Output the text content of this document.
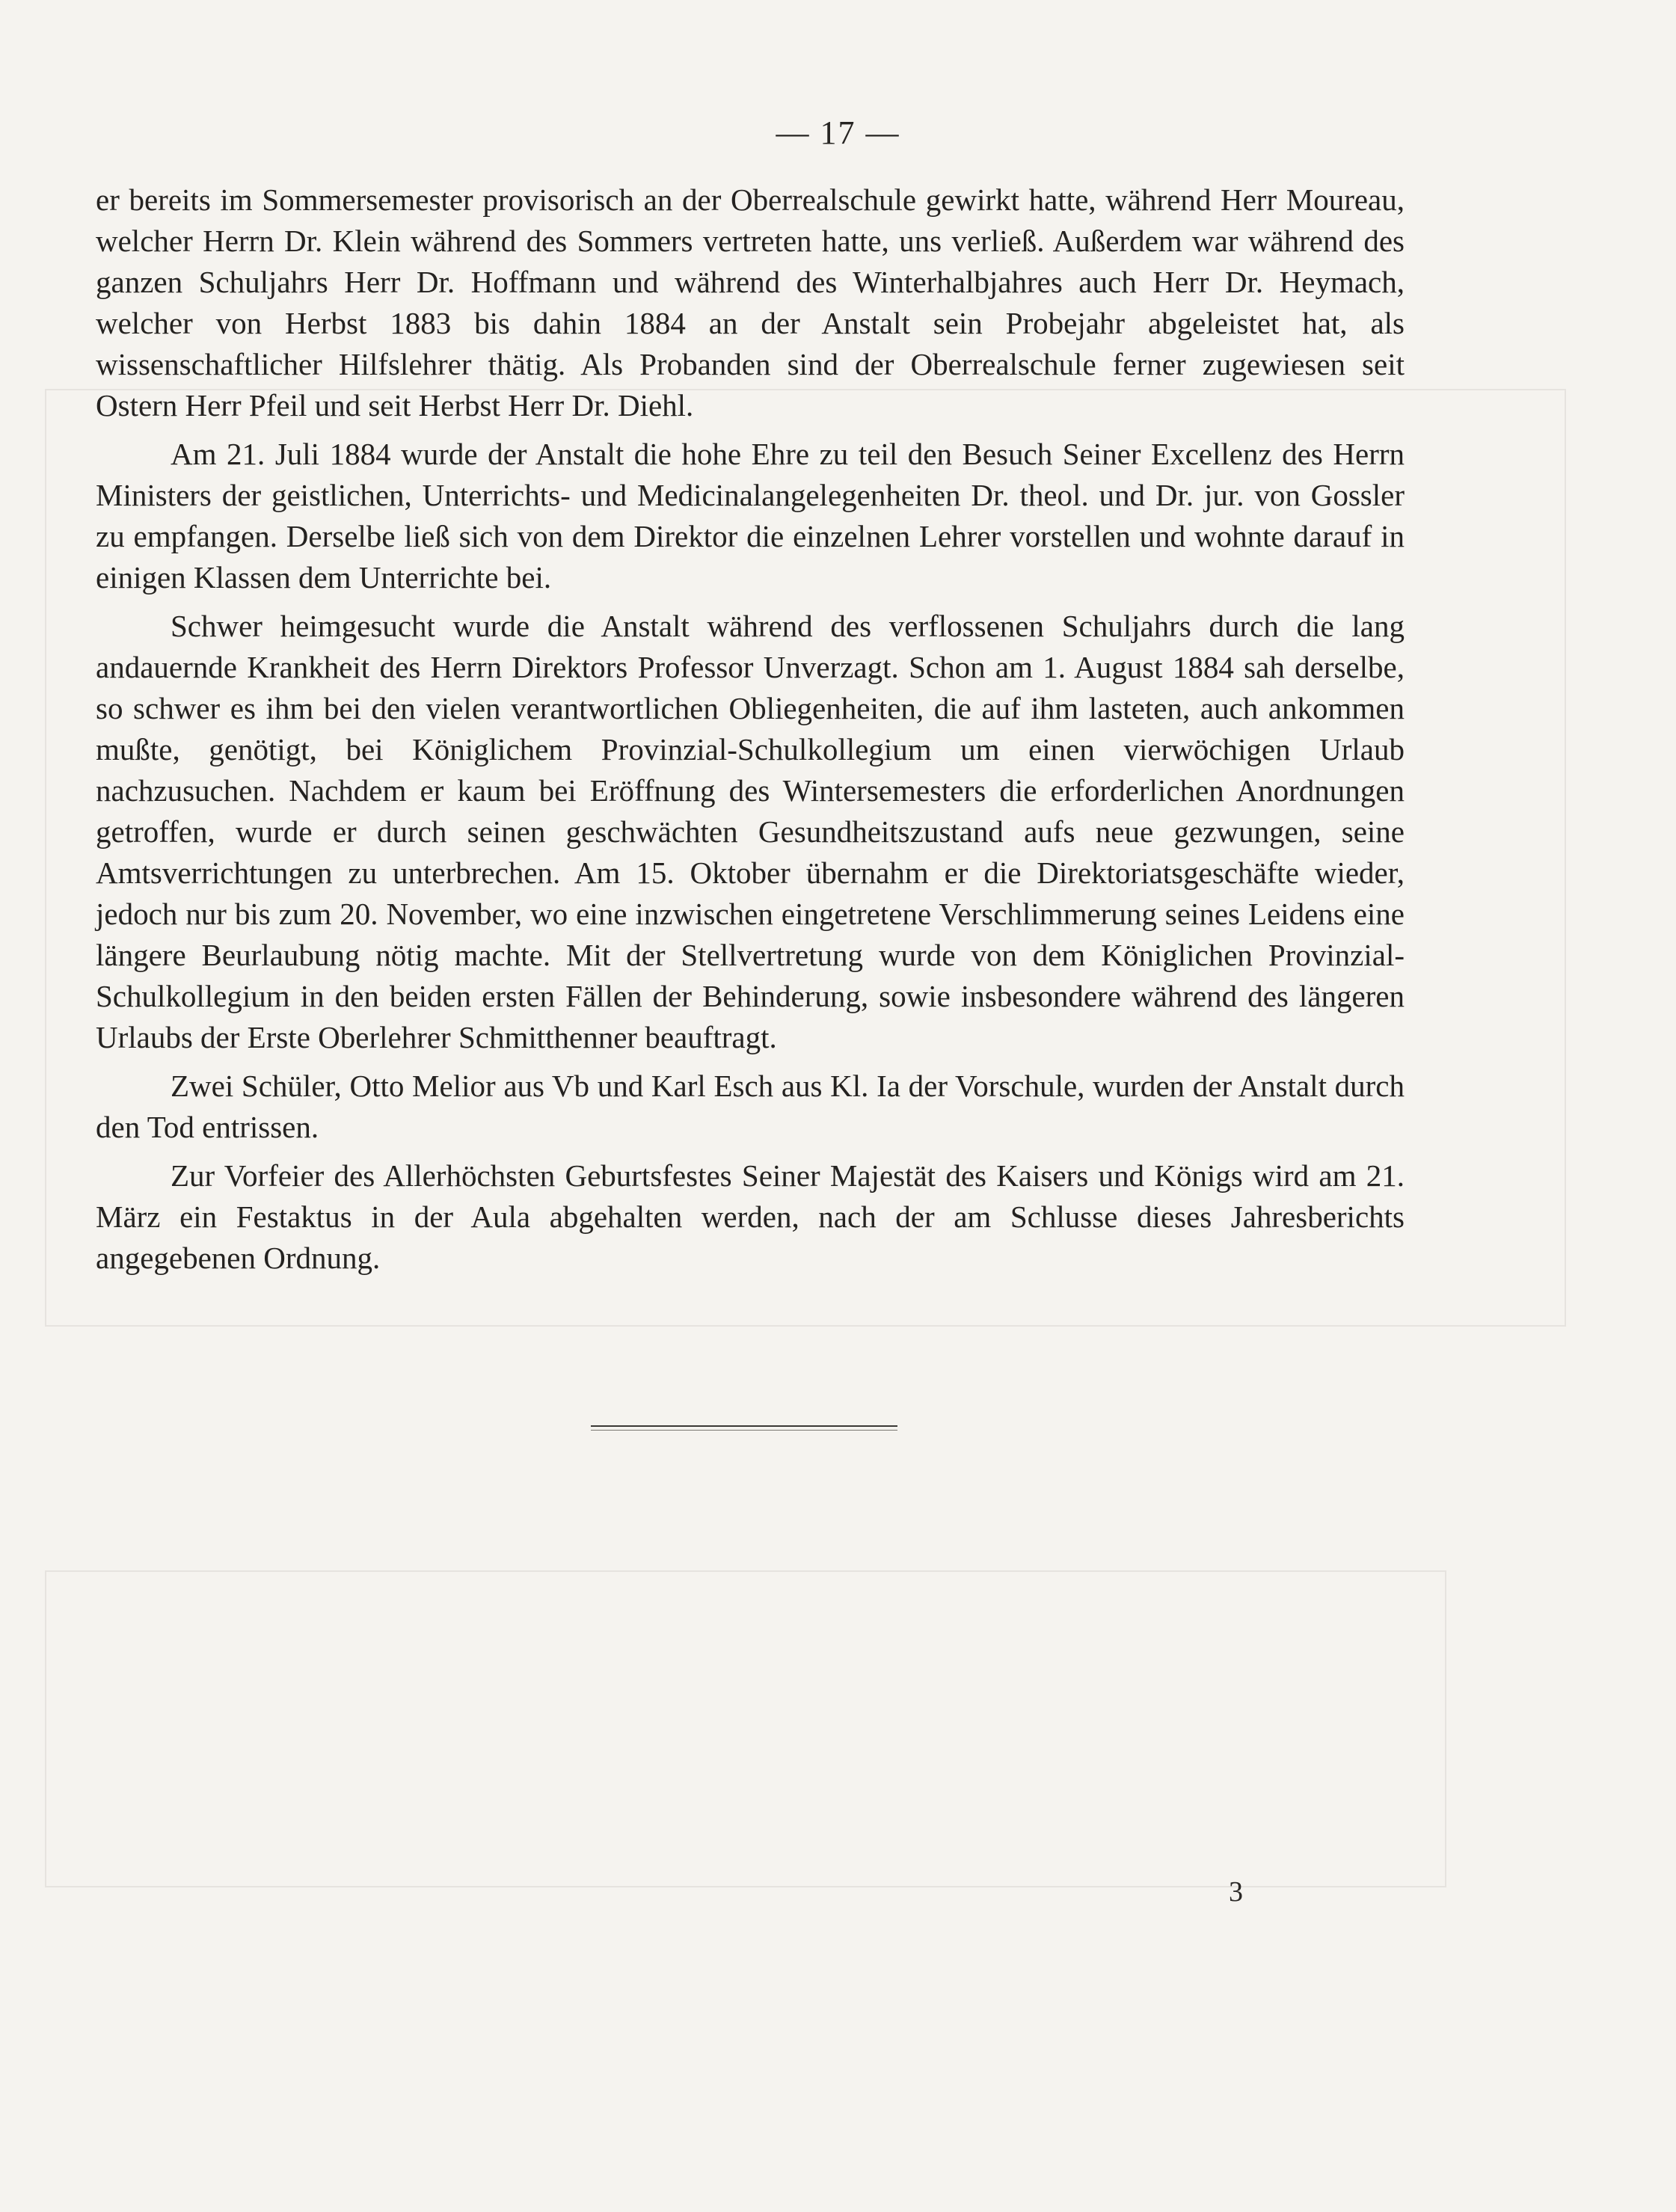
— 17 —

er bereits im Sommersemester provisorisch an der Oberrealschule gewirkt hatte, während Herr Moureau, welcher Herrn Dr. Klein während des Sommers vertreten hatte, uns verließ. Außerdem war während des ganzen Schuljahrs Herr Dr. Hoffmann und während des Winterhalbjahres auch Herr Dr. Heymach, welcher von Herbst 1883 bis dahin 1884 an der Anstalt sein Probejahr abgeleistet hat, als wissenschaftlicher Hilfslehrer thätig. Als Probanden sind der Oberrealschule ferner zugewiesen seit Ostern Herr Pfeil und seit Herbst Herr Dr. Diehl.

Am 21. Juli 1884 wurde der Anstalt die hohe Ehre zu teil den Besuch Seiner Excellenz des Herrn Ministers der geistlichen, Unterrichts- und Medicinalangelegenheiten Dr. theol. und Dr. jur. von Gossler zu empfangen. Derselbe ließ sich von dem Direktor die einzelnen Lehrer vorstellen und wohnte darauf in einigen Klassen dem Unterrichte bei.

Schwer heimgesucht wurde die Anstalt während des verflossenen Schuljahrs durch die lang andauernde Krankheit des Herrn Direktors Professor Unverzagt. Schon am 1. August 1884 sah derselbe, so schwer es ihm bei den vielen verantwortlichen Obliegenheiten, die auf ihm lasteten, auch ankommen mußte, genötigt, bei Königlichem Provinzial-Schulkollegium um einen vierwöchigen Urlaub nachzusuchen. Nachdem er kaum bei Eröffnung des Wintersemesters die erforderlichen Anordnungen getroffen, wurde er durch seinen geschwächten Gesundheitszustand aufs neue gezwungen, seine Amtsverrichtungen zu unterbrechen. Am 15. Oktober übernahm er die Direktoriatsgeschäfte wieder, jedoch nur bis zum 20. November, wo eine inzwischen eingetretene Verschlimmerung seines Leidens eine längere Beurlaubung nötig machte. Mit der Stellvertretung wurde von dem Königlichen Provinzial-Schulkollegium in den beiden ersten Fällen der Behinderung, sowie insbesondere während des längeren Urlaubs der Erste Oberlehrer Schmitthenner beauftragt.

Zwei Schüler, Otto Melior aus Vb und Karl Esch aus Kl. Ia der Vorschule, wurden der Anstalt durch den Tod entrissen.

Zur Vorfeier des Allerhöchsten Geburtsfestes Seiner Majestät des Kaisers und Königs wird am 21. März ein Festaktus in der Aula abgehalten werden, nach der am Schlusse dieses Jahresberichts angegebenen Ordnung.

3
